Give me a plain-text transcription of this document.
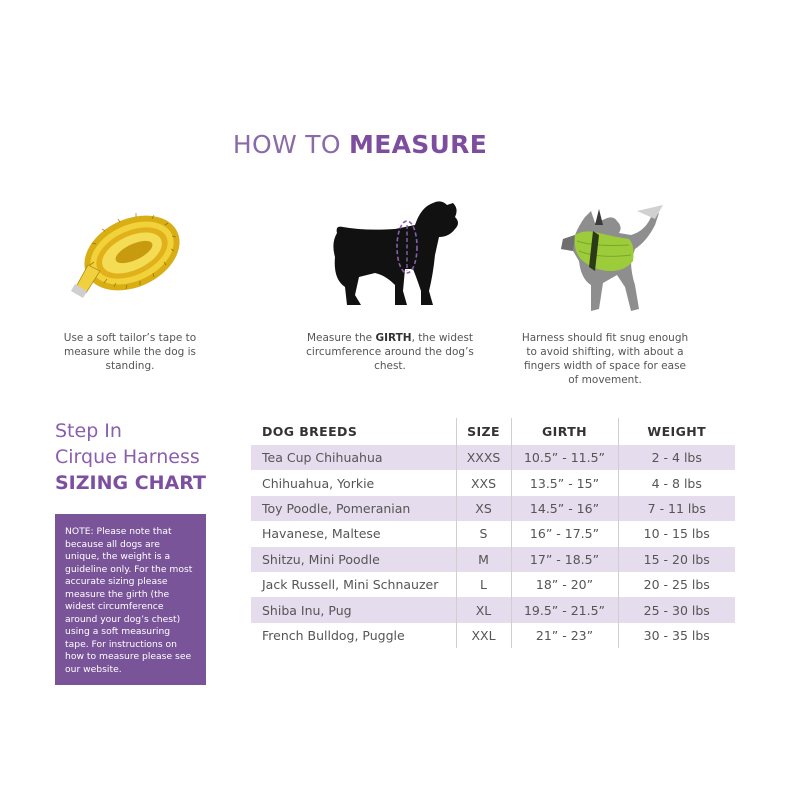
HOW TO MEASURE
Use a soft tailor’s tape to measure while the dog is standing.
Measure the GIRTH, the widest circumference around the dog’s chest.
Harness should fit snug enough to avoid shifting, with about a fingers width of space for ease of movement.
Step In
Cirque Harness
SIZING CHART
NOTE: Please note that because all dogs are unique, the weight is a guideline only. For the most accurate sizing please measure the girth (the widest circumference around your dog’s chest) using a soft measuring tape. For instructions on how to measure please see our website.
DOG BREEDS	SIZE	GIRTH	WEIGHT
Tea Cup Chihuahua	XXXS	10.5” - 11.5”	2 - 4 lbs
Chihuahua, Yorkie	XXS	13.5” - 15”	4 - 8 lbs
Toy Poodle, Pomeranian	XS	14.5” - 16”	7 - 11 lbs
Havanese, Maltese	S	16” - 17.5”	10 - 15 lbs
Shitzu, Mini Poodle	M	17” - 18.5”	15 - 20 lbs
Jack Russell, Mini Schnauzer	L	18” - 20”	20 - 25 lbs
Shiba Inu, Pug	XL	19.5” - 21.5”	25 - 30 lbs
French Bulldog, Puggle	XXL	21” - 23”	30 - 35 lbs
